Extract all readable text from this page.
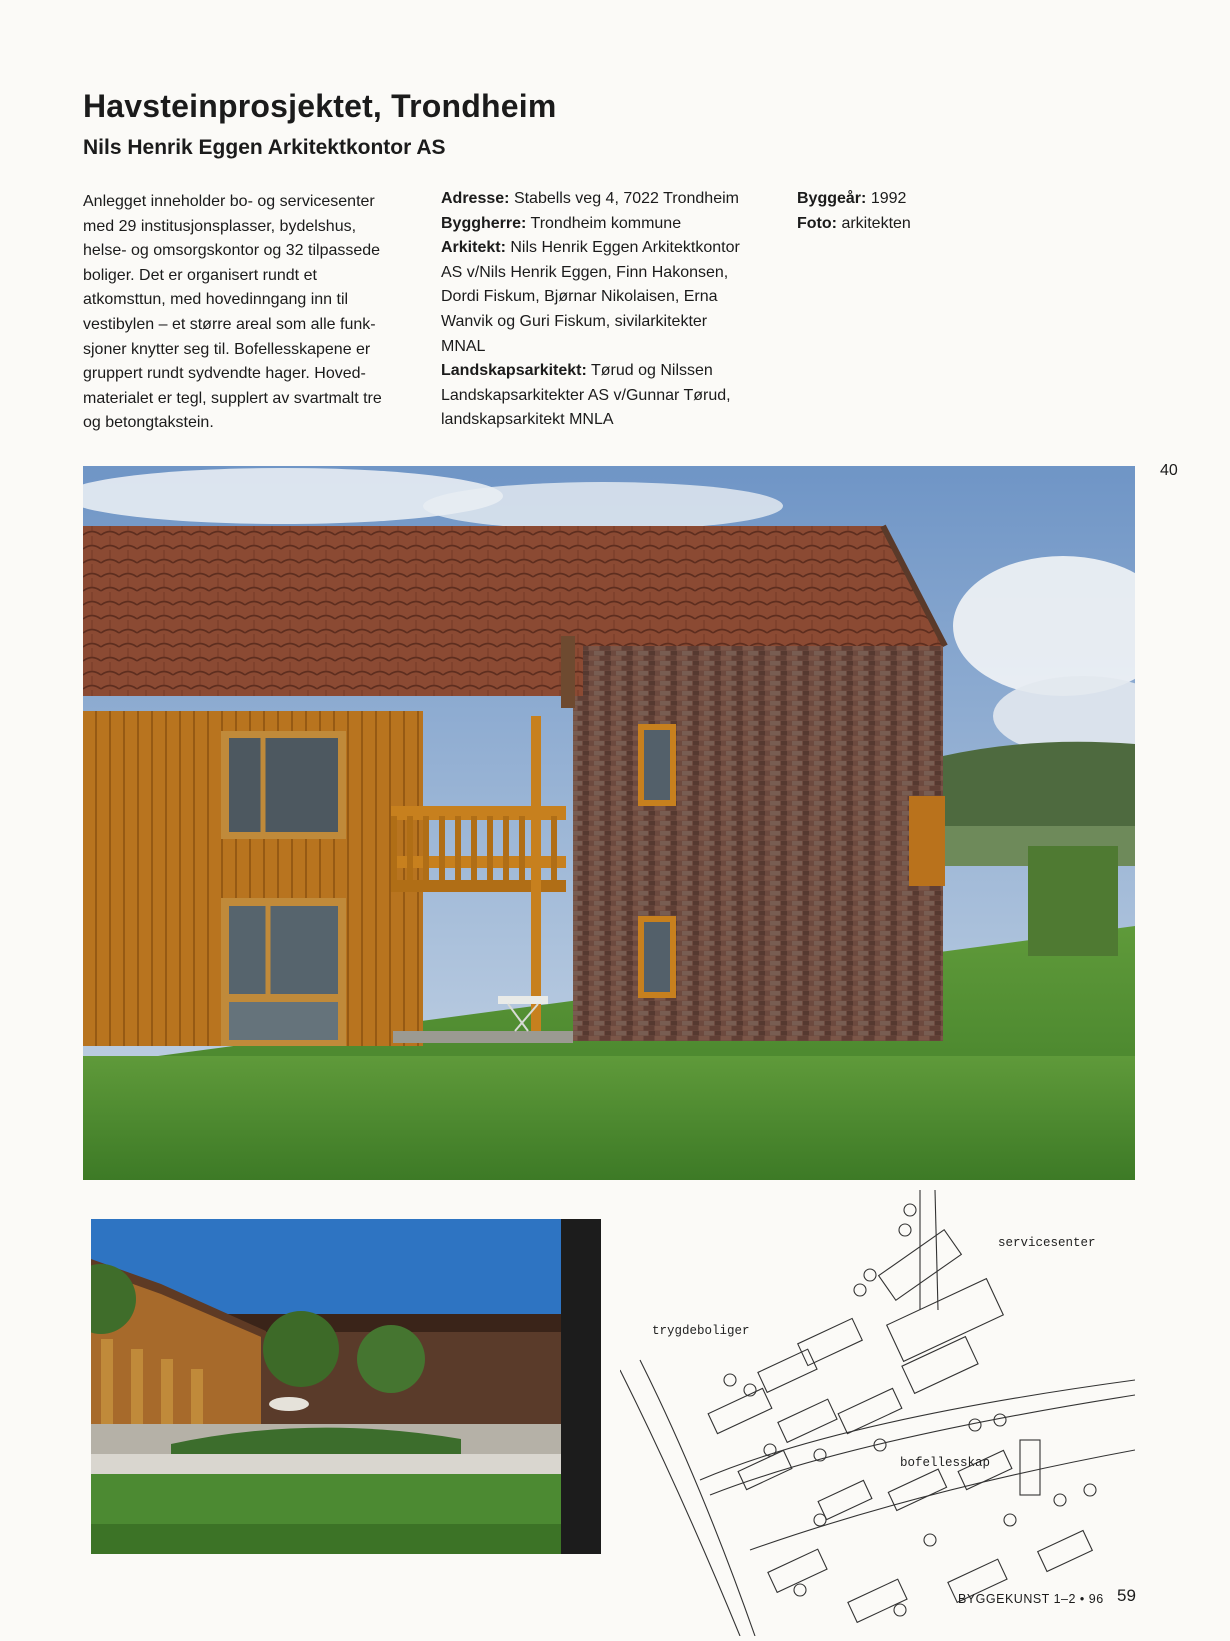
Havsteinprosjektet, Trondheim
Nils Henrik Eggen Arkitektkontor AS
Anlegget inneholder bo- og servicesenter
med 29 institusjonsplasser, bydelshus,
helse- og omsorgskontor og 32 tilpassede
boliger. Det er organisert rundt et
atkomsttun, med hovedinngang inn til
vestibylen – et større areal som alle funk-
sjoner knytter seg til. Bofellesskapene er
gruppert rundt sydvendte hager. Hoved-
materialet er tegl, supplert av svartmalt tre
og betongtakstein.
Adresse: Stabells veg 4, 7022 Trondheim
Byggherre: Trondheim kommune
Arkitekt: Nils Henrik Eggen Arkitektkontor
AS v/Nils Henrik Eggen, Finn Hakonsen,
Dordi Fiskum, Bjørnar Nikolaisen, Erna
Wanvik og Guri Fiskum, sivilarkitekter
MNAL
Landskapsarkitekt: Tørud og Nilssen
Landskapsarkitekter AS v/Gunnar Tørud,
landskapsarkitekt MNLA
Byggeår: 1992
Foto: arkitekten
40
servicesenter
trygdeboliger
bofellesskap
BYGGEKUNST 1–2 • 96 59
